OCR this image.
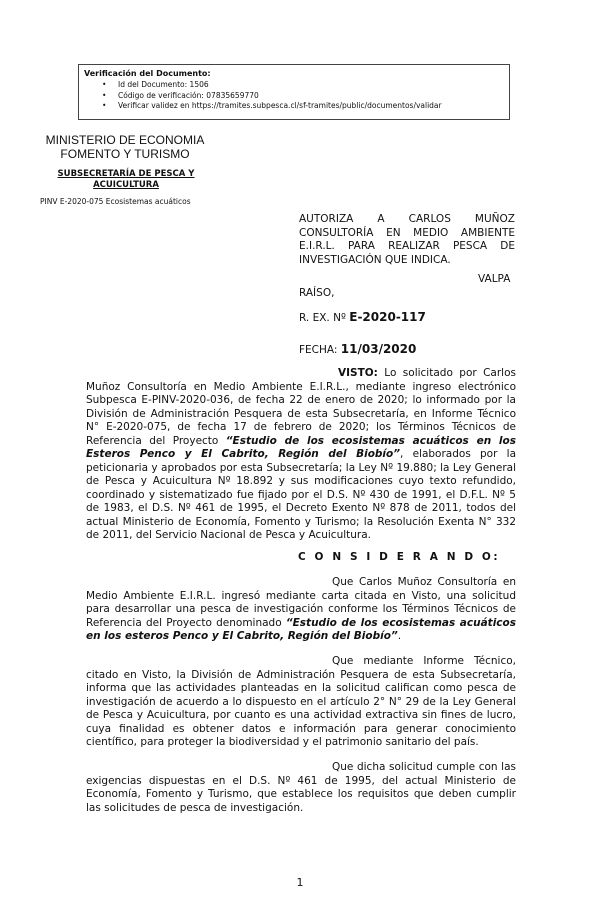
Verificación del Documento:
• Id del Documento: 1506
• Código de verificación: 07835659770
• Verificar validez en https://tramites.subpesca.cl/sf-tramites/public/documentos/validar
MINISTERIO DE ECONOMIA
FOMENTO Y TURISMO
SUBSECRETARÍA DE PESCA Y
ACUICULTURA
PINV E-2020-075 Ecosistemas acuáticos
AUTORIZA A CARLOS MUÑOZ
CONSULTORÍA EN MEDIO AMBIENTE
E.I.R.L. PARA REALIZAR PESCA DE
INVESTIGACIÓN QUE INDICA.
VALPA
RAÍSO,
R. EX. Nº E-2020-117
FECHA: 11/03/2020

VISTO: Lo solicitado por Carlos Muñoz Consultoría en Medio Ambiente E.I.R.L., mediante ingreso electrónico Subpesca E-PINV-2020-036, de fecha 22 de enero de 2020; lo informado por la División de Administración Pesquera de esta Subsecretaría, en Informe Técnico N° E-2020-075, de fecha 17 de febrero de 2020; los Términos Técnicos de Referencia del Proyecto “Estudio de los ecosistemas acuáticos en los Esteros Penco y El Cabrito, Región del Biobío”, elaborados por la peticionaria y aprobados por esta Subsecretaría; la Ley Nº 19.880; la Ley General de Pesca y Acuicultura Nº 18.892 y sus modificaciones cuyo texto refundido, coordinado y sistematizado fue fijado por el D.S. Nº 430 de 1991, el D.F.L. Nº 5 de 1983, el D.S. Nº 461 de 1995, el Decreto Exento Nº 878 de 2011, todos del actual Ministerio de Economía, Fomento y Turismo; la Resolución Exenta N° 332 de 2011, del Servicio Nacional de Pesca y Acuicultura.

C O N S I D E R A N D O:

Que Carlos Muñoz Consultoría en Medio Ambiente E.I.R.L. ingresó mediante carta citada en Visto, una solicitud para desarrollar una pesca de investigación conforme los Términos Técnicos de Referencia del Proyecto denominado “Estudio de los ecosistemas acuáticos en los esteros Penco y El Cabrito, Región del Biobío”.

Que mediante Informe Técnico, citado en Visto, la División de Administración Pesquera de esta Subsecretaría, informa que las actividades planteadas en la solicitud califican como pesca de investigación de acuerdo a lo dispuesto en el artículo 2° N° 29 de la Ley General de Pesca y Acuicultura, por cuanto es una actividad extractiva sin fines de lucro, cuya finalidad es obtener datos e información para generar conocimiento científico, para proteger la biodiversidad y el patrimonio sanitario del país.

Que dicha solicitud cumple con las exigencias dispuestas en el D.S. Nº 461 de 1995, del actual Ministerio de Economía, Fomento y Turismo, que establece los requisitos que deben cumplir las solicitudes de pesca de investigación.

1
